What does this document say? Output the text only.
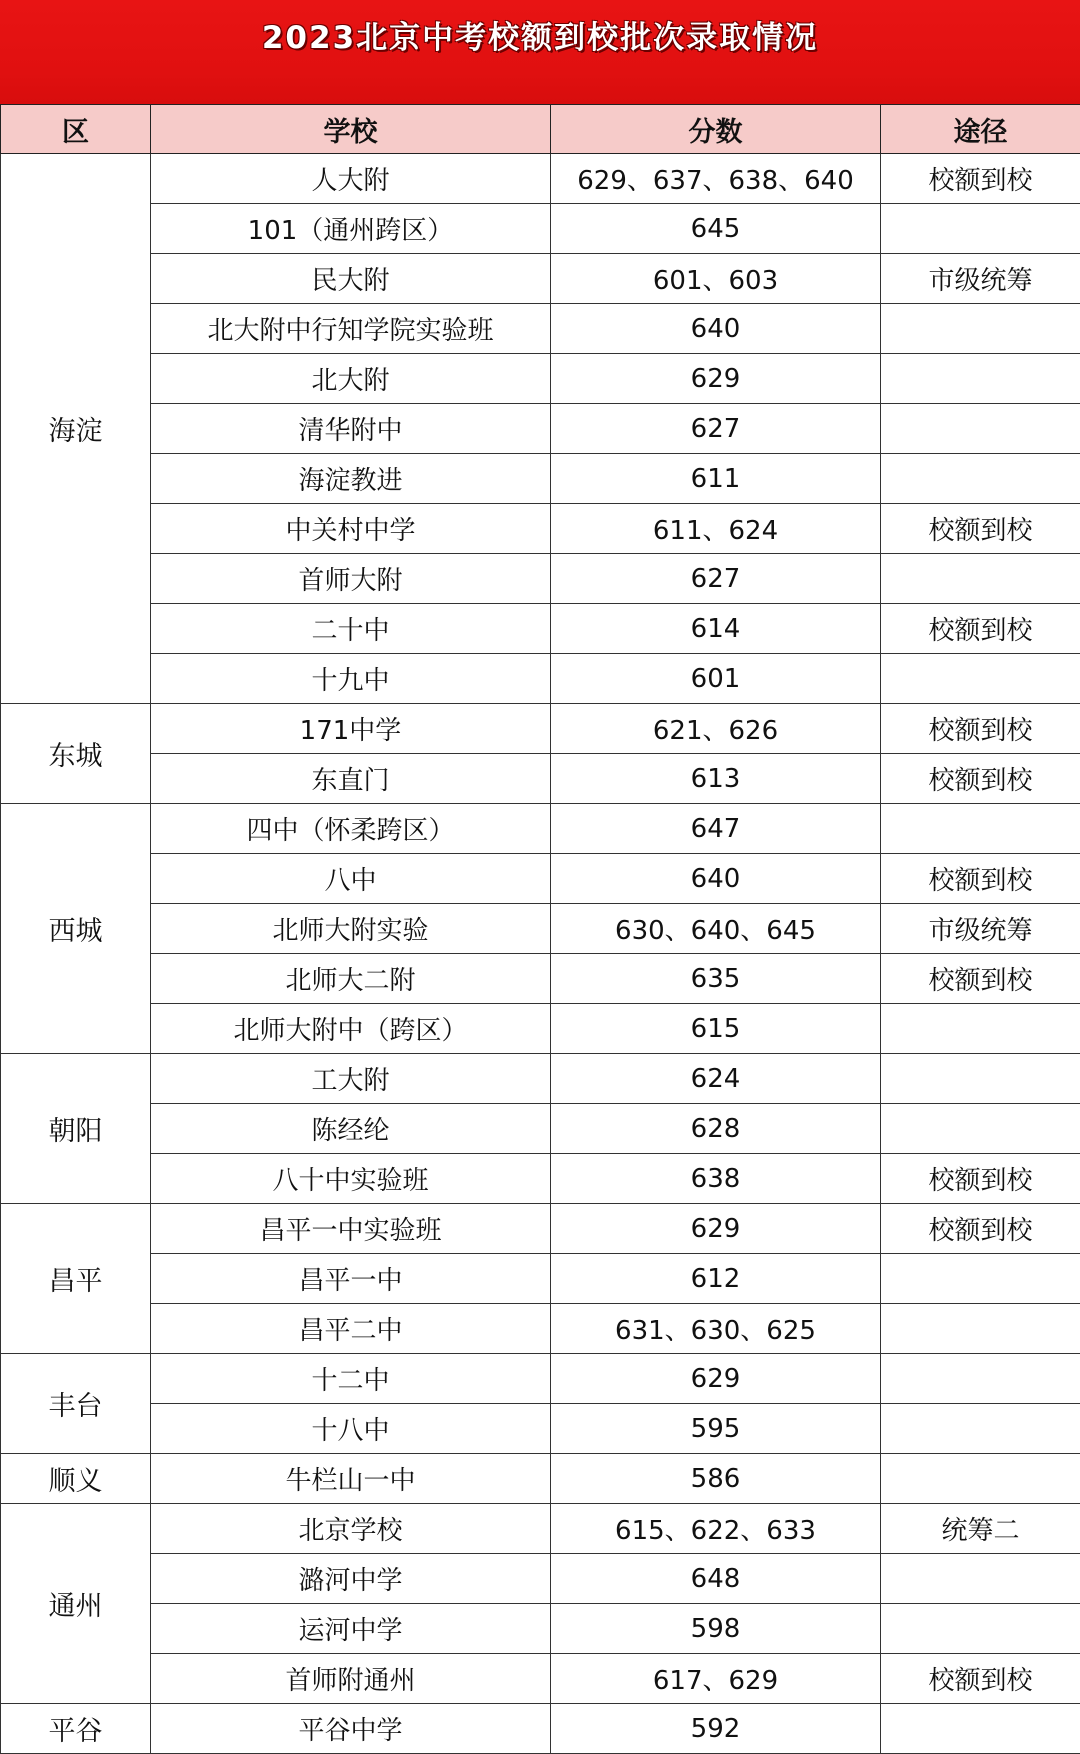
2023北京中考校额到校批次录取情况
区	学校	分数	途径
海淀	人大附	629、637、638、640	校额到校
	101（通州跨区）	645	
	民大附	601、603	市级统筹
	北大附中行知学院实验班	640	
	北大附	629	
	清华附中	627	
	海淀教进	611	
	中关村中学	611、624	校额到校
	首师大附	627	
	二十中	614	校额到校
	十九中	601	
东城	171中学	621、626	校额到校
	东直门	613	校额到校
西城	四中（怀柔跨区）	647	
	八中	640	校额到校
	北师大附实验	630、640、645	市级统筹
	北师大二附	635	校额到校
	北师大附中（跨区）	615	
朝阳	工大附	624	
	陈经纶	628	
	八十中实验班	638	校额到校
昌平	昌平一中实验班	629	校额到校
	昌平一中	612	
	昌平二中	631、630、625	
丰台	十二中	629	
	十八中	595	
顺义	牛栏山一中	586	
通州	北京学校	615、622、633	统筹二
	潞河中学	648	
	运河中学	598	
	首师附通州	617、629	校额到校
平谷	平谷中学	592	
